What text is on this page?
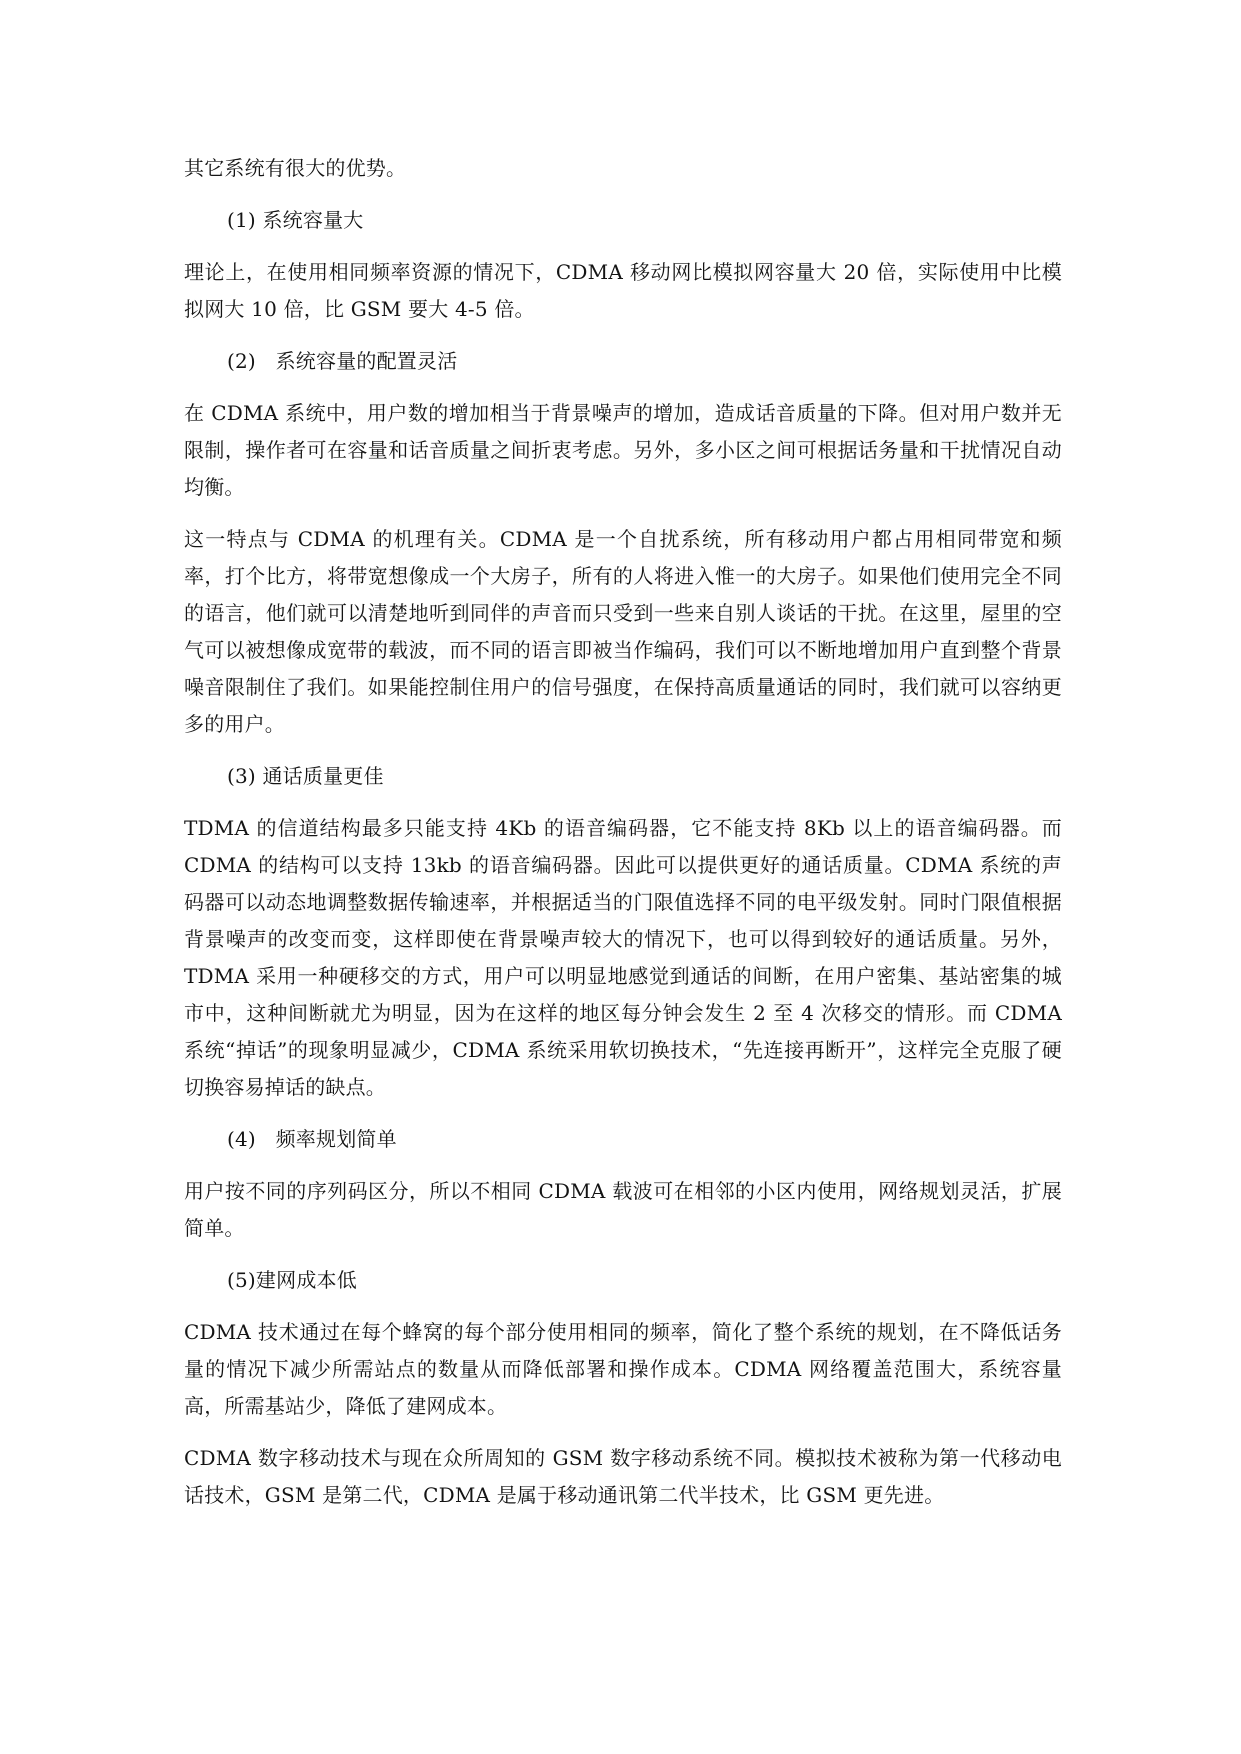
其它系统有很大的优势。

(1) 系统容量大

理论上，在使用相同频率资源的情况下，CDMA 移动网比模拟网容量大 20 倍，实际使用中比模拟网大 10 倍，比 GSM 要大 4-5 倍。

(2)   系统容量的配置灵活

在 CDMA 系统中，用户数的增加相当于背景噪声的增加，造成话音质量的下降。但对用户数并无限制，操作者可在容量和话音质量之间折衷考虑。另外，多小区之间可根据话务量和干扰情况自动均衡。

这一特点与 CDMA 的机理有关。CDMA 是一个自扰系统，所有移动用户都占用相同带宽和频率，打个比方，将带宽想像成一个大房子，所有的人将进入惟一的大房子。如果他们使用完全不同的语言，他们就可以清楚地听到同伴的声音而只受到一些来自别人谈话的干扰。在这里，屋里的空气可以被想像成宽带的载波，而不同的语言即被当作编码，我们可以不断地增加用户直到整个背景噪音限制住了我们。如果能控制住用户的信号强度，在保持高质量通话的同时，我们就可以容纳更多的用户。

(3) 通话质量更佳

TDMA 的信道结构最多只能支持 4Kb 的语音编码器，它不能支持 8Kb 以上的语音编码器。而 CDMA 的结构可以支持 13kb 的语音编码器。因此可以提供更好的通话质量。CDMA 系统的声码器可以动态地调整数据传输速率，并根据适当的门限值选择不同的电平级发射。同时门限值根据背景噪声的改变而变，这样即使在背景噪声较大的情况下，也可以得到较好的通话质量。另外，TDMA 采用一种硬移交的方式，用户可以明显地感觉到通话的间断，在用户密集、基站密集的城市中，这种间断就尤为明显，因为在这样的地区每分钟会发生 2 至 4 次移交的情形。而 CDMA 系统“掉话”的现象明显减少，CDMA 系统采用软切换技术，“先连接再断开”，这样完全克服了硬切换容易掉话的缺点。

(4)   频率规划简单

用户按不同的序列码区分，所以不相同 CDMA 载波可在相邻的小区内使用，网络规划灵活，扩展简单。

(5)建网成本低

CDMA 技术通过在每个蜂窝的每个部分使用相同的频率，简化了整个系统的规划，在不降低话务量的情况下减少所需站点的数量从而降低部署和操作成本。CDMA 网络覆盖范围大，系统容量高，所需基站少，降低了建网成本。

CDMA 数字移动技术与现在众所周知的 GSM 数字移动系统不同。模拟技术被称为第一代移动电话技术，GSM 是第二代，CDMA 是属于移动通讯第二代半技术，比 GSM 更先进。
